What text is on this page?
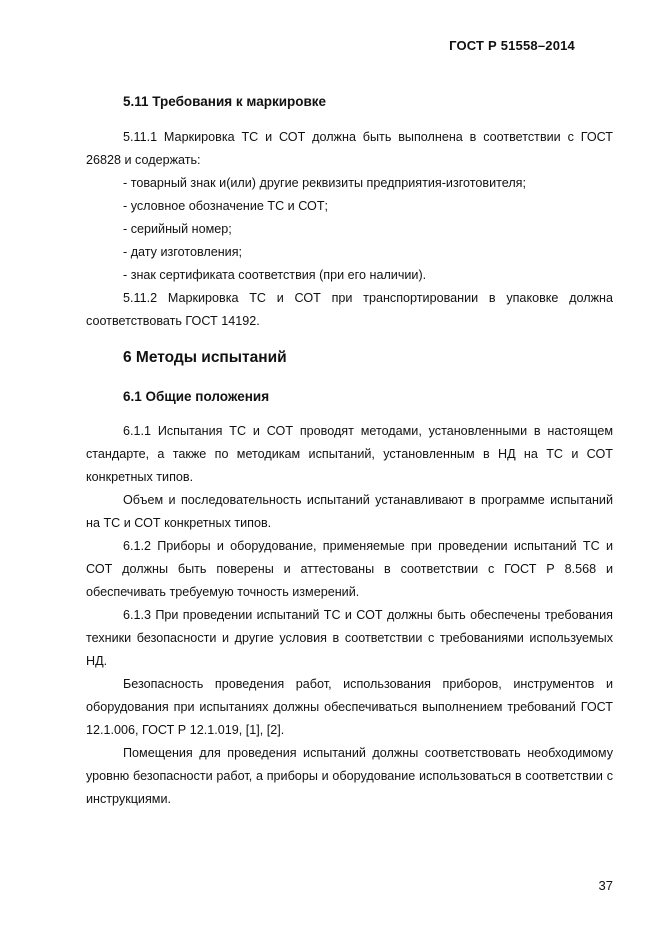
ГОСТ Р 51558–2014
5.11 Требования к маркировке

5.11.1 Маркировка ТС и СОТ должна быть выполнена в соответствии с ГОСТ 26828 и содержать:

- товарный знак и(или) другие реквизиты предприятия-изготовителя;

- условное обозначение ТС и СОТ;

- серийный номер;

- дату изготовления;

- знак сертификата соответствия (при его наличии).

5.11.2 Маркировка ТС и СОТ при транспортировании в упаковке должна соответствовать ГОСТ 14192.

6 Методы испытаний
6.1 Общие положения

6.1.1 Испытания ТС и СОТ проводят методами, установленными в настоящем стандарте, а также по методикам испытаний, установленным в НД на ТС и СОТ конкретных типов.

Объем и последовательность испытаний устанавливают в программе испытаний на ТС и СОТ конкретных типов.

6.1.2 Приборы и оборудование, применяемые при проведении испытаний ТС и СОТ должны быть поверены и аттестованы в соответствии с ГОСТ Р 8.568 и обеспечивать требуемую точность измерений.

6.1.3 При проведении испытаний ТС и СОТ должны быть обеспечены требования техники безопасности и другие условия в соответствии с требованиями используемых НД.

Безопасность проведения работ, использования приборов, инструментов и оборудования при испытаниях должны обеспечиваться выполнением требований ГОСТ 12.1.006, ГОСТ Р 12.1.019, [1], [2].

Помещения для проведения испытаний должны соответствовать необходимому уровню безопасности работ, а приборы и оборудование использоваться в соответствии с инструкциями.

37
